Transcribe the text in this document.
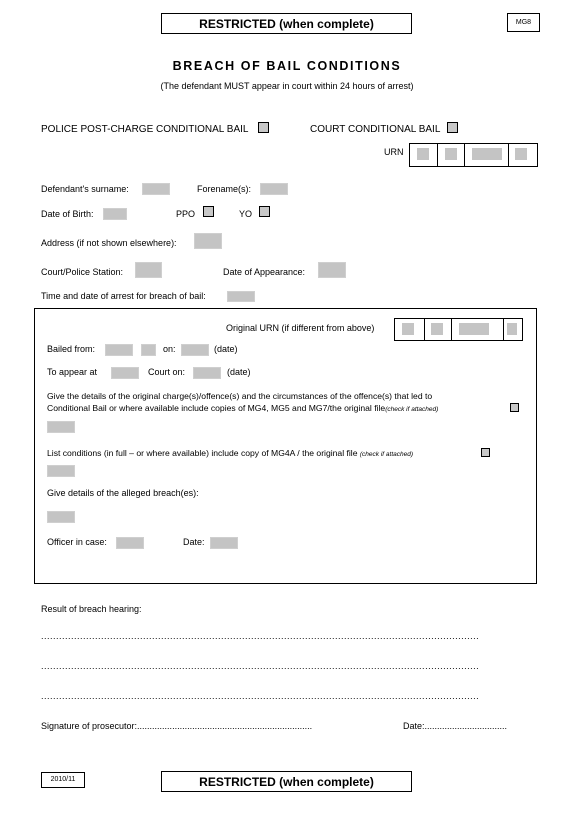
RESTRICTED (when complete)	MG8
BREACH OF BAIL CONDITIONS
(The defendant MUST appear in court within 24 hours of arrest)
POLICE POST-CHARGE CONDITIONAL BAIL	COURT CONDITIONAL BAIL
URN
Defendant's surname:	Forename(s):
Date of Birth:	PPO	YO
Address (if not shown elsewhere):
Court/Police Station:	Date of Appearance:
Time and date of arrest for breach of bail:
Original URN (if different from above)
Bailed from:	on:	(date)
To appear at	Court on:	(date)
Give the details of the original charge(s)/offence(s) and the circumstances of the offence(s) that led to
Conditional Bail or where available include copies of MG4, MG5 and MG7/the original file(check if attached)
List conditions (in full – or where available) include copy of MG4A / the original file (check if attached)
Give details of the alleged breach(es):
Officer in case:	Date:
Result of breach hearing:
..................................................................................................................................................
..................................................................................................................................................
..................................................................................................................................................
Signature of prosecutor:......................................................................	Date:.................................
2010/11	RESTRICTED (when complete)
